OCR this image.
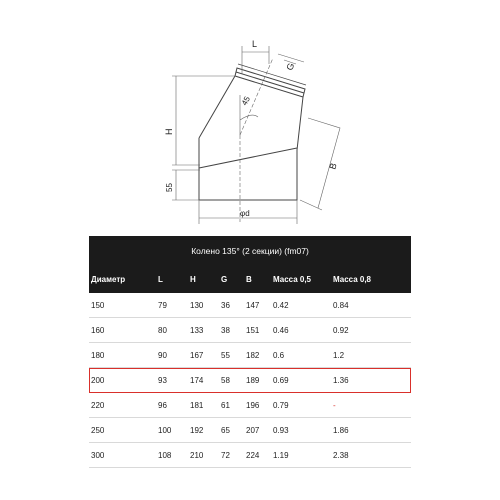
L
G
45
H
55
B
φd
Колено 135° (2 секции) (fm07)						
Диаметр	L	H	G	B	Масса 0,5	Масса 0,8
150	79	130	36	147	0.42	0.84
160	80	133	38	151	0.46	0.92
180	90	167	55	182	0.6	1.2
200	93	174	58	189	0.69	1.36
220	96	181	61	196	0.79	-
250	100	192	65	207	0.93	1.86
300	108	210	72	224	1.19	2.38
